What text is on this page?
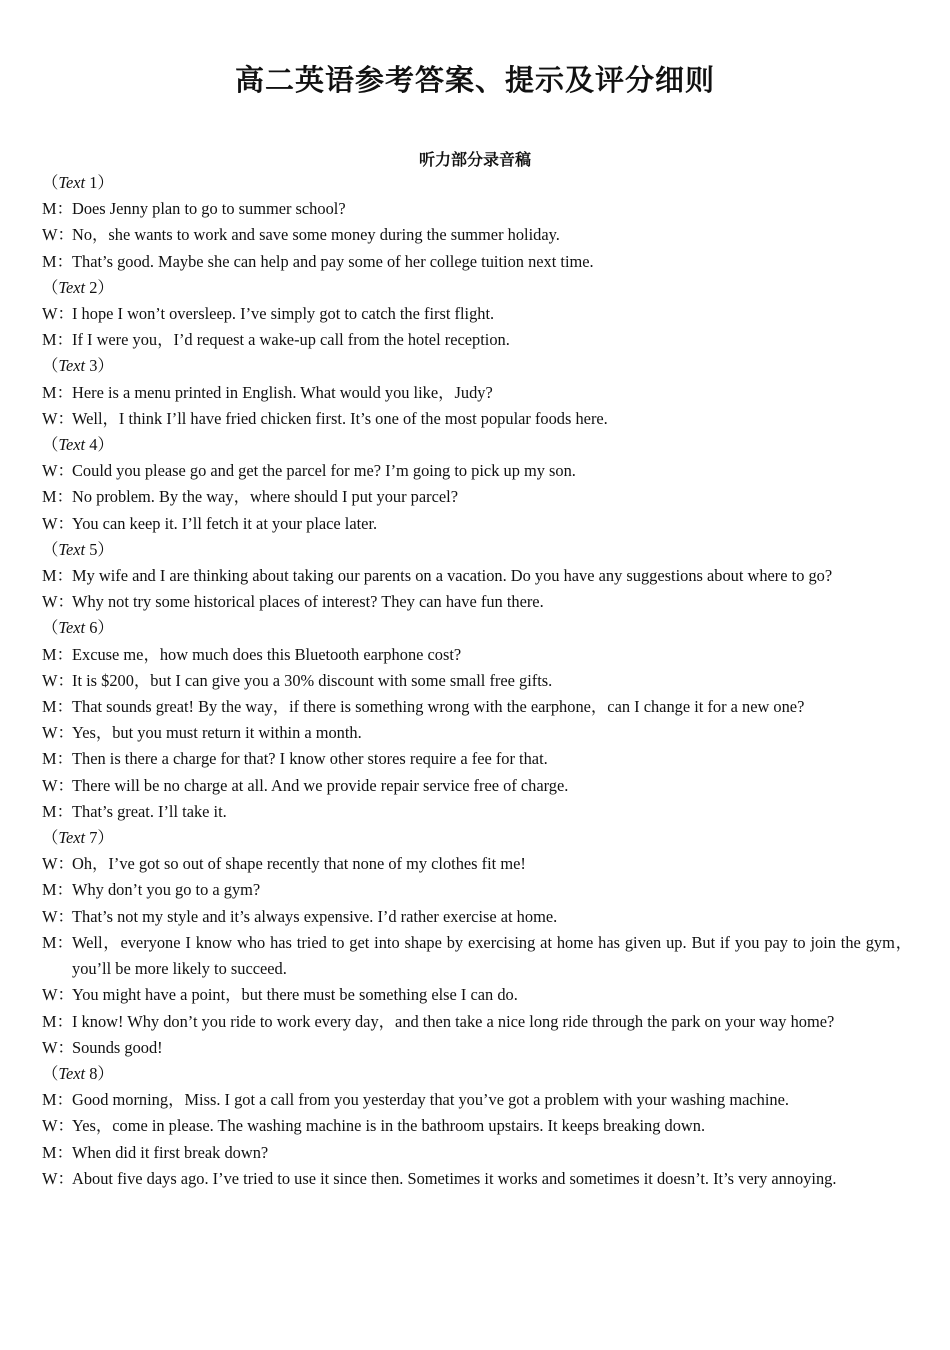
高二英语参考答案、提示及评分细则
听力部分录音稿
（Text 1）
M：Does Jenny plan to go to summer school?
W：No，she wants to work and save some money during the summer holiday.
M：That’s good. Maybe she can help and pay some of her college tuition next time.
（Text 2）
W：I hope I won’t oversleep. I’ve simply got to catch the first flight.
M：If I were you，I’d request a wake-up call from the hotel reception.
（Text 3）
M：Here is a menu printed in English. What would you like，Judy?
W：Well，I think I’ll have fried chicken first. It’s one of the most popular foods here.
（Text 4）
W：Could you please go and get the parcel for me? I’m going to pick up my son.
M：No problem. By the way，where should I put your parcel?
W：You can keep it. I’ll fetch it at your place later.
（Text 5）
M：My wife and I are thinking about taking our parents on a vacation. Do you have any suggestions about where to go?
W：Why not try some historical places of interest? They can have fun there.
（Text 6）
M：Excuse me，how much does this Bluetooth earphone cost?
W：It is $200，but I can give you a 30% discount with some small free gifts.
M：That sounds great! By the way，if there is something wrong with the earphone，can I change it for a new one?
W：Yes，but you must return it within a month.
M：Then is there a charge for that? I know other stores require a fee for that.
W：There will be no charge at all. And we provide repair service free of charge.
M：That’s great. I’ll take it.
（Text 7）
W：Oh，I’ve got so out of shape recently that none of my clothes fit me!
M：Why don’t you go to a gym?
W：That’s not my style and it’s always expensive. I’d rather exercise at home.
M：Well，everyone I know who has tried to get into shape by exercising at home has given up. But if you pay to join the gym，you’ll be more likely to succeed.
W：You might have a point，but there must be something else I can do.
M：I know! Why don’t you ride to work every day，and then take a nice long ride through the park on your way home?
W：Sounds good!
（Text 8）
M：Good morning，Miss. I got a call from you yesterday that you’ve got a problem with your washing machine.
W：Yes，come in please. The washing machine is in the bathroom upstairs. It keeps breaking down.
M：When did it first break down?
W：About five days ago. I’ve tried to use it since then. Sometimes it works and sometimes it doesn’t. It’s very annoying.
